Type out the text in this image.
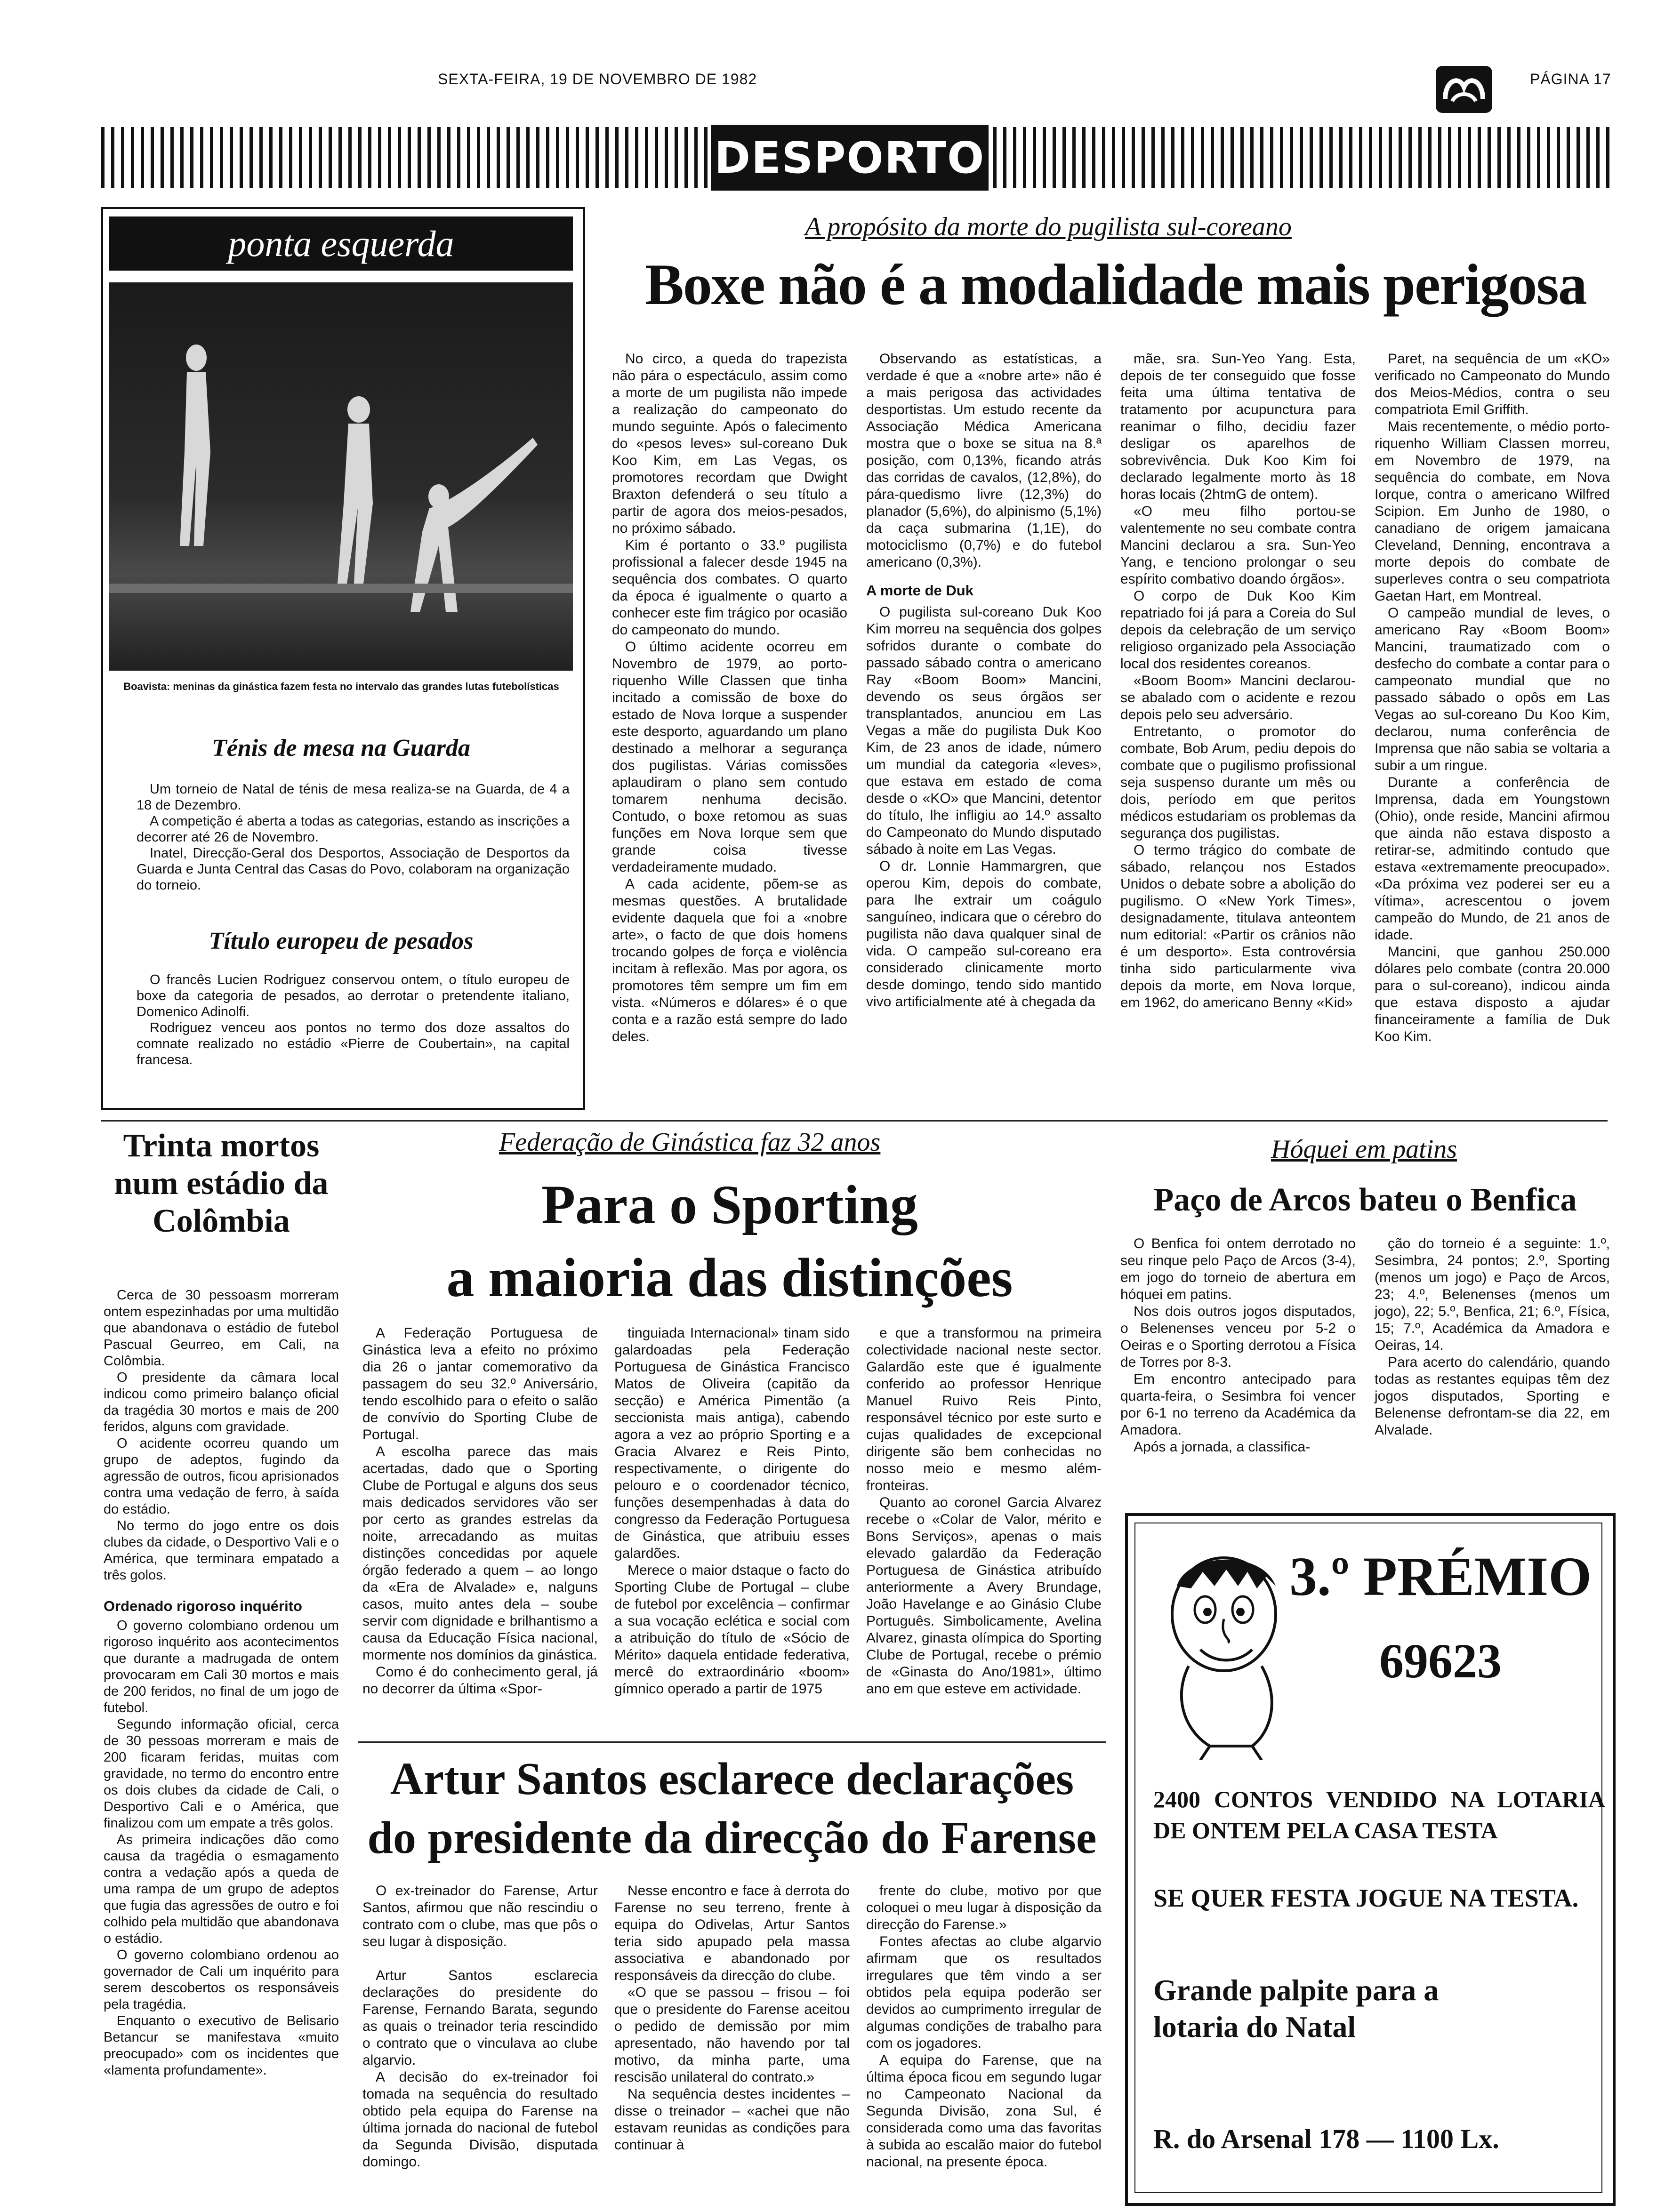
SEXTA-FEIRA, 19 DE NOVEMBRO DE 1982	PÁGINA 17
DESPORTO
ponta esquerda
Boavista: meninas da ginástica fazem festa no intervalo das grandes lutas futebolísticas
Ténis de mesa na Guarda

Um torneio de Natal de ténis de mesa realiza-se na Guarda, de 4 a 18 de Dezembro.

A competição é aberta a todas as categorias, estando as inscrições a decorrer até 26 de Novembro.

Inatel, Direcção-Geral dos Desportos, Associação de Desportos da Guarda e Junta Central das Casas do Povo, colaboram na organização do torneio.

Título europeu de pesados

O francês Lucien Rodriguez conservou ontem, o título europeu de boxe da categoria de pesados, ao derrotar o pretendente italiano, Domenico Adinolfi.

Rodriguez venceu aos pontos no termo dos doze assaltos do comnate realizado no estádio «Pierre de Coubertain», na capital francesa.

A propósito da morte do pugilista sul-coreano
Boxe não é a modalidade mais perigosa

No circo, a queda do trapezista não pára o espectáculo, assim como a morte de um pugilista não impede a realização do campeonato do mundo seguinte. Após o falecimento do «pesos leves» sul-coreano Duk Koo Kim, em Las Vegas, os promotores recordam que Dwight Braxton defenderá o seu título a partir de agora dos meios-pesados, no próximo sábado.

Kim é portanto o 33.º pugilista profissional a falecer desde 1945 na sequência dos combates. O quarto da época é igualmente o quarto a conhecer este fim trágico por ocasião do campeonato do mundo.

O último acidente ocorreu em Novembro de 1979, ao porto-riquenho Wille Classen que tinha incitado a comissão de boxe do estado de Nova Iorque a suspender este desporto, aguardando um plano destinado a melhorar a segurança dos pugilistas. Várias comissões aplaudiram o plano sem contudo tomarem nenhuma decisão. Contudo, o boxe retomou as suas funções em Nova Iorque sem que grande coisa tivesse verdadeiramente mudado.

A cada acidente, põem-se as mesmas questões. A brutalidade evidente daquela que foi a «nobre arte», o facto de que dois homens trocando golpes de força e violência incitam à reflexão. Mas por agora, os promotores têm sempre um fim em vista. «Números e dólares» é o que conta e a razão está sempre do lado deles.

Observando as estatísticas, a verdade é que a «nobre arte» não é a mais perigosa das actividades desportistas. Um estudo recente da Associação Médica Americana mostra que o boxe se situa na 8.ª posição, com 0,13%, ficando atrás das corridas de cavalos, (12,8%), do pára-quedismo livre (12,3%) do planador (5,6%), do alpinismo (5,1%) da caça submarina (1,1E), do motociclismo (0,7%) e do futebol americano (0,3%).

A morte de Duk

O pugilista sul-coreano Duk Koo Kim morreu na sequência dos golpes sofridos durante o combate do passado sábado contra o americano Ray «Boom Boom» Mancini, devendo os seus órgãos ser transplantados, anunciou em Las Vegas a mãe do pugilista Duk Koo Kim, de 23 anos de idade, número um mundial da categoria «leves», que estava em estado de coma desde o «KO» que Mancini, detentor do título, lhe infligiu ao 14.º assalto do Campeonato do Mundo disputado sábado à noite em Las Vegas.

O dr. Lonnie Hammargren, que operou Kim, depois do combate, para lhe extrair um coágulo sanguíneo, indicara que o cérebro do pugilista não dava qualquer sinal de vida. O campeão sul-coreano era considerado clinicamente morto desde domingo, tendo sido mantido vivo artificialmente até à chegada da

mãe, sra. Sun-Yeo Yang. Esta, depois de ter conseguido que fosse feita uma última tentativa de tratamento por acupunctura para reanimar o filho, decidiu fazer desligar os aparelhos de sobrevivência. Duk Koo Kim foi declarado legalmente morto às 18 horas locais (2htmG de ontem).

«O meu filho portou-se valentemente no seu combate contra Mancini declarou a sra. Sun-Yeo Yang, e tenciono prolongar o seu espírito combativo doando órgãos».

O corpo de Duk Koo Kim repatriado foi já para a Coreia do Sul depois da celebração de um serviço religioso organizado pela Associação local dos residentes coreanos.

«Boom Boom» Mancini declarou-se abalado com o acidente e rezou depois pelo seu adversário.

Entretanto, o promotor do combate, Bob Arum, pediu depois do combate que o pugilismo profissional seja suspenso durante um mês ou dois, período em que peritos médicos estudariam os problemas da segurança dos pugilistas.

O termo trágico do combate de sábado, relançou nos Estados Unidos o debate sobre a abolição do pugilismo. O «New York Times», designadamente, titulava anteontem num editorial: «Partir os crânios não é um desporto». Esta controvérsia tinha sido particularmente viva depois da morte, em Nova Iorque, em 1962, do americano Benny «Kid»

Paret, na sequência de um «KO» verificado no Campeonato do Mundo dos Meios-Médios, contra o seu compatriota Emil Griffith.

Mais recentemente, o médio porto-riquenho William Classen morreu, em Novembro de 1979, na sequência do combate, em Nova Iorque, contra o americano Wilfred Scipion. Em Junho de 1980, o canadiano de origem jamaicana Cleveland, Denning, encontrava a morte depois do combate de superleves contra o seu compatriota Gaetan Hart, em Montreal.

O campeão mundial de leves, o americano Ray «Boom Boom» Mancini, traumatizado com o desfecho do combate a contar para o campeonato mundial que no passado sábado o opôs em Las Vegas ao sul-coreano Du Koo Kim, declarou, numa conferência de Imprensa que não sabia se voltaria a subir a um ringue.

Durante a conferência de Imprensa, dada em Youngstown (Ohio), onde reside, Mancini afirmou que ainda não estava disposto a retirar-se, admitindo contudo que estava «extremamente preocupado». «Da próxima vez poderei ser eu a vítima», acrescentou o jovem campeão do Mundo, de 21 anos de idade.

Mancini, que ganhou 250.000 dólares pelo combate (contra 20.000 para o sul-coreano), indicou ainda que estava disposto a ajudar financeiramente a família de Duk Koo Kim.

Trinta mortos num estádio da Colômbia

Cerca de 30 pessoasm morreram ontem espezinhadas por uma multidão que abandonava o estádio de futebol Pascual Geurreo, em Cali, na Colômbia.

O presidente da câmara local indicou como primeiro balanço oficial da tragédia 30 mortos e mais de 200 feridos, alguns com gravidade.

O acidente ocorreu quando um grupo de adeptos, fugindo da agressão de outros, ficou aprisionados contra uma vedação de ferro, à saída do estádio.

No termo do jogo entre os dois clubes da cidade, o Desportivo Vali e o América, que terminara empatado a três golos.

Ordenado rigoroso inquérito

O governo colombiano ordenou um rigoroso inquérito aos acontecimentos que durante a madrugada de ontem provocaram em Cali 30 mortos e mais de 200 feridos, no final de um jogo de futebol.

Segundo informação oficial, cerca de 30 pessoas morreram e mais de 200 ficaram feridas, muitas com gravidade, no termo do encontro entre os dois clubes da cidade de Cali, o Desportivo Cali e o América, que finalizou com um empate a três golos.

As primeira indicações dão como causa da tragédia o esmagamento contra a vedação após a queda de uma rampa de um grupo de adeptos que fugia das agressões de outro e foi colhido pela multidão que abandonava o estádio.

O governo colombiano ordenou ao governador de Cali um inquérito para serem descobertos os responsáveis pela tragédia.

Enquanto o executivo de Belisario Betancur se manifestava «muito preocupado» com os incidentes que «lamenta profundamente».

Federação de Ginástica faz 32 anos
Para o Sporting
a maioria das distinções

A Federação Portuguesa de Ginástica leva a efeito no próximo dia 26 o jantar comemorativo da passagem do seu 32.º Aniversário, tendo escolhido para o efeito o salão de convívio do Sporting Clube de Portugal.

A escolha parece das mais acertadas, dado que o Sporting Clube de Portugal e alguns dos seus mais dedicados servidores vão ser por certo as grandes estrelas da noite, arrecadando as muitas distinções concedidas por aquele órgão federado a quem – ao longo da «Era de Alvalade» e, nalguns casos, muito antes dela – soube servir com dignidade e brilhantismo a causa da Educação Física nacional, mormente nos domínios da ginástica.

Como é do conhecimento geral, já no decorrer da última «Spor-

tinguiada Internacional» tinam sido galardoadas pela Federação Portuguesa de Ginástica Francisco Matos de Oliveira (capitão da secção) e América Pimentão (a seccionista mais antiga), cabendo agora a vez ao próprio Sporting e a Gracia Alvarez e Reis Pinto, respectivamente, o dirigente do pelouro e o coordenador técnico, funções desempenhadas à data do congresso da Federação Portuguesa de Ginástica, que atribuiu esses galardões.

Merece o maior dstaque o facto do Sporting Clube de Portugal – clube de futebol por excelência – confirmar a sua vocação eclética e social com a atribuição do título de «Sócio de Mérito» daquela entidade federativa, mercê do extraordinário «boom» gímnico operado a partir de 1975

e que a transformou na primeira colectividade nacional neste sector. Galardão este que é igualmente conferido ao professor Henrique Manuel Ruivo Reis Pinto, responsável técnico por este surto e cujas qualidades de excepcional dirigente são bem conhecidas no nosso meio e mesmo além-fronteiras.

Quanto ao coronel Garcia Alvarez recebe o «Colar de Valor, mérito e Bons Serviços», apenas o mais elevado galardão da Federação Portuguesa de Ginástica atribuído anteriormente a Avery Brundage, João Havelange e ao Ginásio Clube Português. Simbolicamente, Avelina Alvarez, ginasta olímpica do Sporting Clube de Portugal, recebe o prémio de «Ginasta do Ano/1981», último ano em que esteve em actividade.

Hóquei em patins
Paço de Arcos bateu o Benfica

O Benfica foi ontem derrotado no seu rinque pelo Paço de Arcos (3-4), em jogo do torneio de abertura em hóquei em patins.

Nos dois outros jogos disputados, o Belenenses venceu por 5-2 o Oeiras e o Sporting derrotou a Física de Torres por 8-3.

Em encontro antecipado para quarta-feira, o Sesimbra foi vencer por 6-1 no terreno da Académica da Amadora.

Após a jornada, a classifica-

ção do torneio é a seguinte: 1.º, Sesimbra, 24 pontos; 2.º, Sporting (menos um jogo) e Paço de Arcos, 23; 4.º, Belenenses (menos um jogo), 22; 5.º, Benfica, 21; 6.º, Física, 15; 7.º, Académica da Amadora e Oeiras, 14.

Para acerto do calendário, quando todas as restantes equipas têm dez jogos disputados, Sporting e Belenense defrontam-se dia 22, em Alvalade.

Artur Santos esclarece declarações
do presidente da direcção do Farense

O ex-treinador do Farense, Artur Santos, afirmou que não rescindiu o contrato com o clube, mas que pôs o seu lugar à disposição.

Artur Santos esclarecia declarações do presidente do Farense, Fernando Barata, segundo as quais o treinador teria rescindido o contrato que o vinculava ao clube algarvio.

A decisão do ex-treinador foi tomada na sequência do resultado obtido pela equipa do Farense na última jornada do nacional de futebol da Segunda Divisão, disputada domingo.

Nesse encontro e face à derrota do Farense no seu terreno, frente à equipa do Odivelas, Artur Santos teria sido apupado pela massa associativa e abandonado por responsáveis da direcção do clube.

«O que se passou – frisou – foi que o presidente do Farense aceitou o pedido de demissão por mim apresentado, não havendo por tal motivo, da minha parte, uma rescisão unilateral do contrato.»

Na sequência destes incidentes – disse o treinador – «achei que não estavam reunidas as condições para continuar à

frente do clube, motivo por que coloquei o meu lugar à disposição da direcção do Farense.»

Fontes afectas ao clube algarvio afirmam que os resultados irregulares que têm vindo a ser obtidos pela equipa poderão ser devidos ao cumprimento irregular de algumas condições de trabalho para com os jogadores.

A equipa do Farense, que na última época ficou em segundo lugar no Campeonato Nacional da Segunda Divisão, zona Sul, é considerada como uma das favoritas à subida ao escalão maior do futebol nacional, na presente época.

3.º PRÉMIO
69623
2400 CONTOS VENDIDO NA LOTARIA DE ONTEM PELA CASA TESTA
SE QUER FESTA JOGUE NA TESTA.
Grande palpite para a lotaria do Natal
R. do Arsenal 178 — 1100 Lx.
